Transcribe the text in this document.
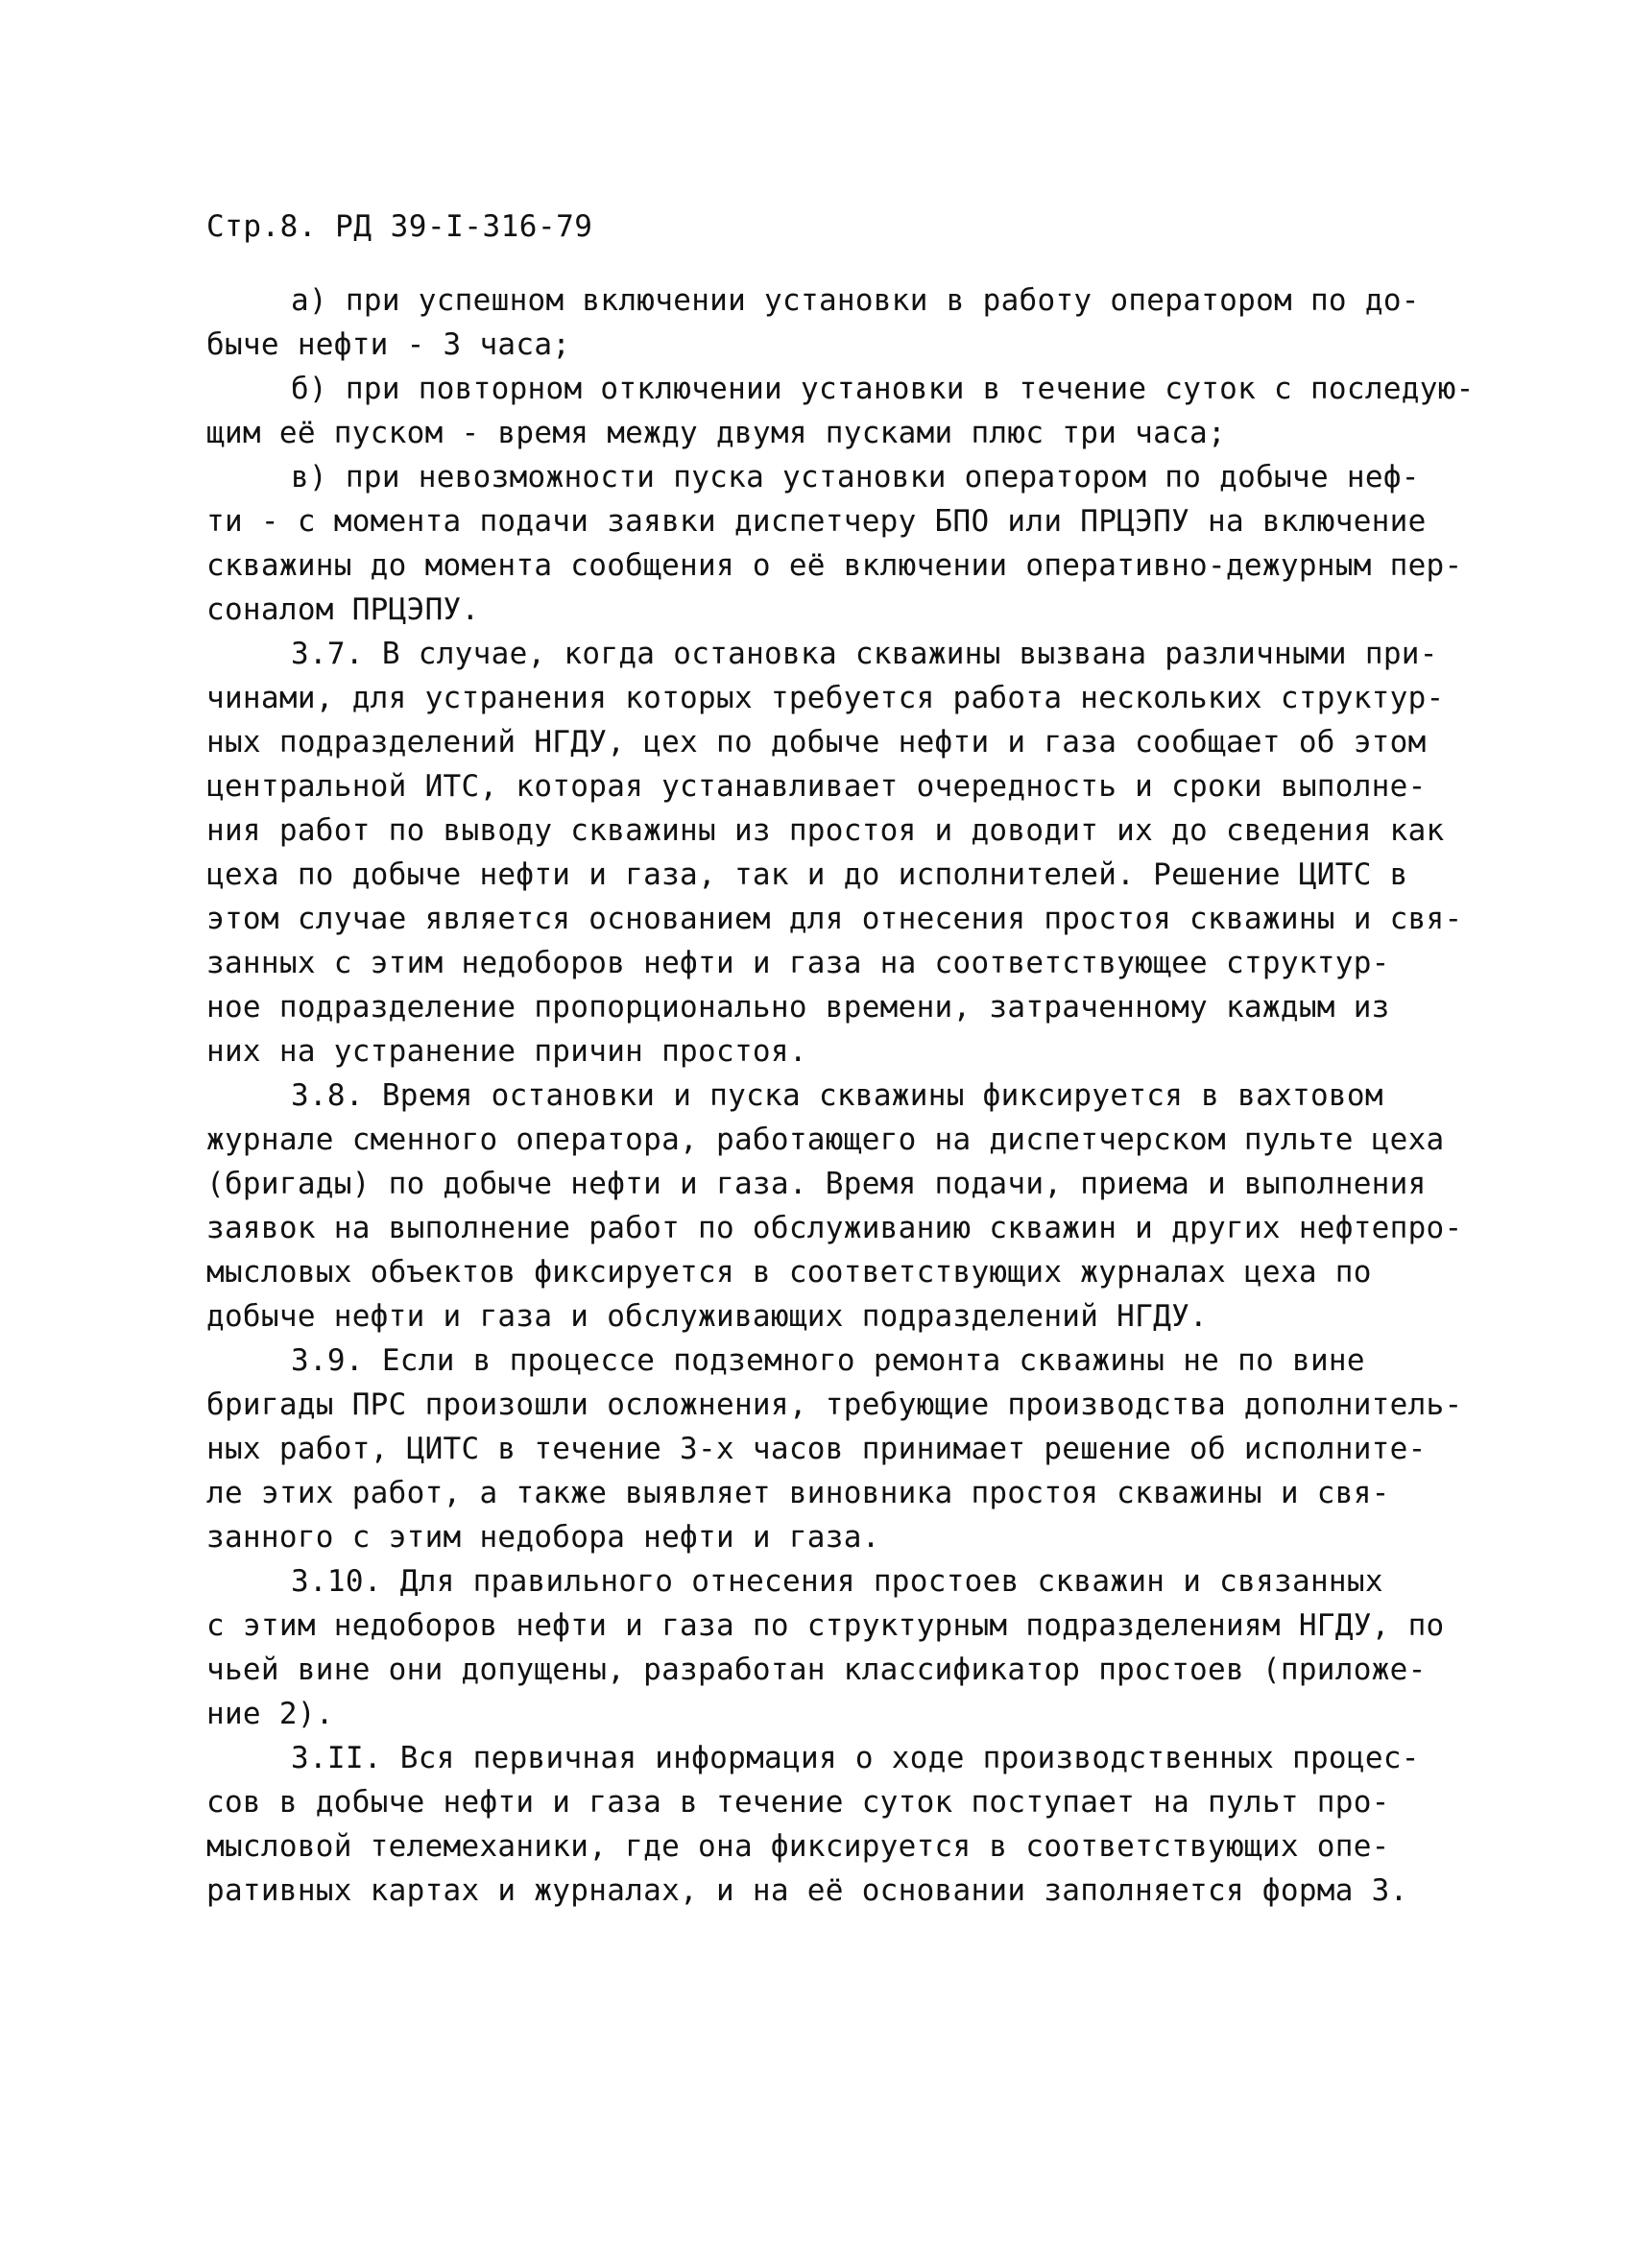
Стр.8. РД 39-I-316-79
а) при успешном включении установки в работу оператором по до-
быче нефти - 3 часа;
б) при повторном отключении установки в течение суток с последую-
щим её пуском - время между двумя пусками плюс три часа;
в) при невозможности пуска установки оператором по добыче неф-
ти - с момента подачи заявки диспетчеру БПО или ПРЦЭПУ на включение
скважины до момента сообщения о её включении оперативно-дежурным пер-
соналом ПРЦЭПУ.
3.7. В случае, когда остановка скважины вызвана различными при-
чинами, для устранения которых требуется работа нескольких структур-
ных подразделений НГДУ, цех по добыче нефти и газа сообщает об этом
центральной ИТС, которая устанавливает очередность и сроки выполне-
ния работ по выводу скважины из простоя и доводит их до сведения как
цеха по добыче нефти и газа, так и до исполнителей. Решение ЦИТС в
этом случае является основанием для отнесения простоя скважины и свя-
занных с этим недоборов нефти и газа на соответствующее структур-
ное подразделение пропорционально времени, затраченному каждым из
них на устранение причин простоя.
3.8. Время остановки и пуска скважины фиксируется в вахтовом
журнале сменного оператора, работающего на диспетчерском пульте цеха
(бригады) по добыче нефти и газа. Время подачи, приема и выполнения
заявок на выполнение работ по обслуживанию скважин и других нефтепро-
мысловых объектов фиксируется в соответствующих журналах цеха по
добыче нефти и газа и обслуживающих подразделений НГДУ.
3.9. Если в процессе подземного ремонта скважины не по вине
бригады ПРС произошли осложнения, требующие производства дополнитель-
ных работ, ЦИТС в течение 3-х часов принимает решение об исполните-
ле этих работ, а также выявляет виновника простоя скважины и свя-
занного с этим недобора нефти и газа.
3.10. Для правильного отнесения простоев скважин и связанных
с этим недоборов нефти и газа по структурным подразделениям НГДУ, по
чьей вине они допущены, разработан классификатор простоев (приложе-
ние 2).
3.II. Вся первичная информация о ходе производственных процес-
сов в добыче нефти и газа в течение суток поступает на пульт про-
мысловой телемеханики, где она фиксируется в соответствующих опе-
ративных картах и журналах, и на её основании заполняется форма 3.
